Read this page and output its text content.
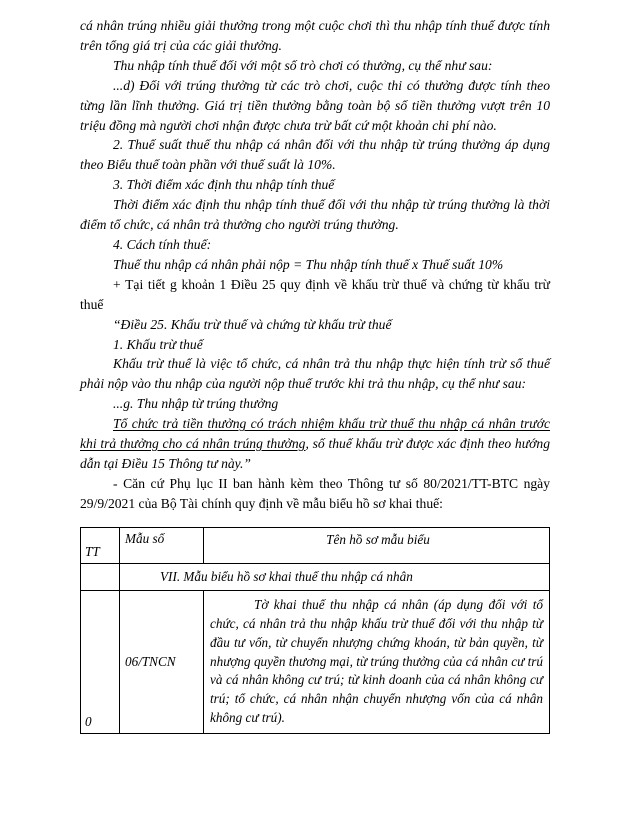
cá nhân trúng nhiều giải thưởng trong một cuộc chơi thì thu nhập tính thuế được tính trên tổng giá trị của các giải thưởng.

Thu nhập tính thuế đối với một số trò chơi có thưởng, cụ thể như sau:

...d) Đối với trúng thưởng từ các trò chơi, cuộc thi có thưởng được tính theo từng lần lĩnh thưởng. Giá trị tiền thưởng bằng toàn bộ số tiền thưởng vượt trên 10 triệu đồng mà người chơi nhận được chưa trừ bất cứ một khoản chi phí nào.

2. Thuế suất thuế thu nhập cá nhân đối với thu nhập từ trúng thưởng áp dụng theo Biểu thuế toàn phần với thuế suất là 10%.

3. Thời điểm xác định thu nhập tính thuế

Thời điểm xác định thu nhập tính thuế đối với thu nhập từ trúng thưởng là thời điểm tổ chức, cá nhân trả thưởng cho người trúng thưởng.

4. Cách tính thuế:

Thuế thu nhập cá nhân phải nộp = Thu nhập tính thuế x Thuế suất 10%

+ Tại tiết g khoản 1 Điều 25 quy định về khấu trừ thuế và chứng từ khấu trừ thuế

“Điều 25. Khấu trừ thuế và chứng từ khấu trừ thuế

1. Khấu trừ thuế

Khấu trừ thuế là việc tổ chức, cá nhân trả thu nhập thực hiện tính trừ số thuế phải nộp vào thu nhập của người nộp thuế trước khi trả thu nhập, cụ thể như sau:

...g. Thu nhập từ trúng thưởng

Tổ chức trả tiền thưởng có trách nhiệm khấu trừ thuế thu nhập cá nhân trước khi trả thưởng cho cá nhân trúng thưởng, số thuế khấu trừ được xác định theo hướng dẫn tại Điều 15 Thông tư này.”

- Căn cứ Phụ lục II ban hành kèm theo Thông tư số 80/2021/TT-BTC ngày 29/9/2021 của Bộ Tài chính quy định về mẫu biểu hồ sơ khai thuế:

TT	Mẫu số	Tên hồ sơ mẫu biểu
	VII. Mẫu biểu hồ sơ khai thuế thu nhập cá nhân	
0	06/TNCN	Tờ khai thuế thu nhập cá nhân (áp dụng đối với tổ chức, cá nhân trả thu nhập khấu trừ thuế đối với thu nhập từ đầu tư vốn, từ chuyển nhượng chứng khoán, từ bản quyền, từ nhượng quyền thương mại, từ trúng thưởng của cá nhân cư trú và cá nhân không cư trú; từ kinh doanh của cá nhân không cư trú; tổ chức, cá nhân nhận chuyển nhượng vốn của cá nhân không cư trú).
